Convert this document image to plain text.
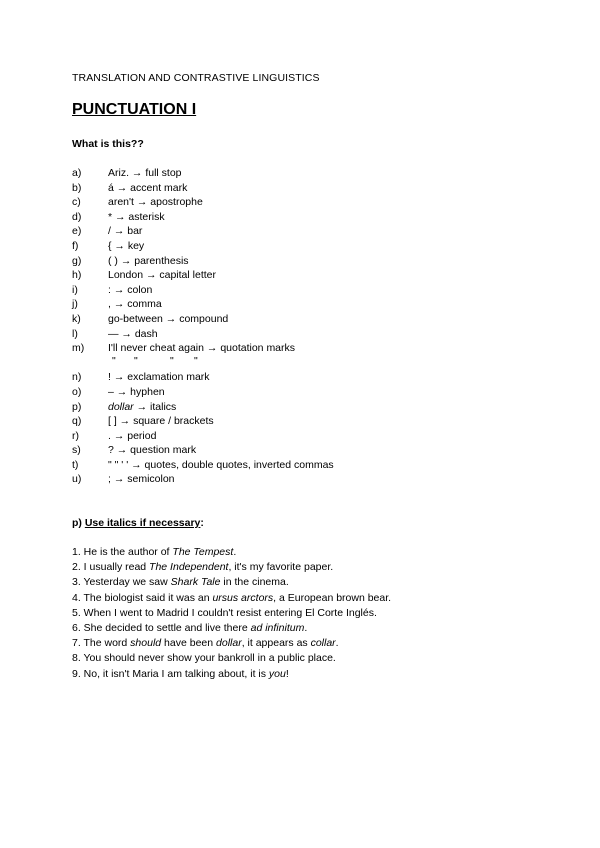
TRANSLATION AND CONTRASTIVE LINGUISTICS
PUNCTUATION I
What is this??
a)	Ariz. → full stop
b)	á → accent mark
c)	aren't → apostrophe
d)	* → asterisk
e)	/ → bar
f)	{ → key
g)	( ) → parenthesis
h)	London → capital letter
i)	: → colon
j)	, → comma
k)	go-between → compound
l)	— → dash
m) I'll never cheat again → quotation marks
" "	" "
n)	! → exclamation mark
o)	– → hyphen
p)	dollar → italics
q)	[ ] → square / brackets
r)	. → period
s)	? → question mark
t)	" " ' ' → quotes, double quotes, inverted commas
u)	; → semicolon
p) Use italics if necessary:
1. He is the author of The Tempest.
2. I usually read The Independent, it's my favorite paper.
3. Yesterday we saw Shark Tale in the cinema.
4. The biologist said it was an ursus arctors, a European brown bear.
5. When I went to Madrid I couldn't resist entering El Corte Inglés.
6. She decided to settle and live there ad infinitum.
7. The word should have been dollar, it appears as collar.
8. You should never show your bankroll in a public place.
9. No, it isn't Maria I am talking about, it is you!
